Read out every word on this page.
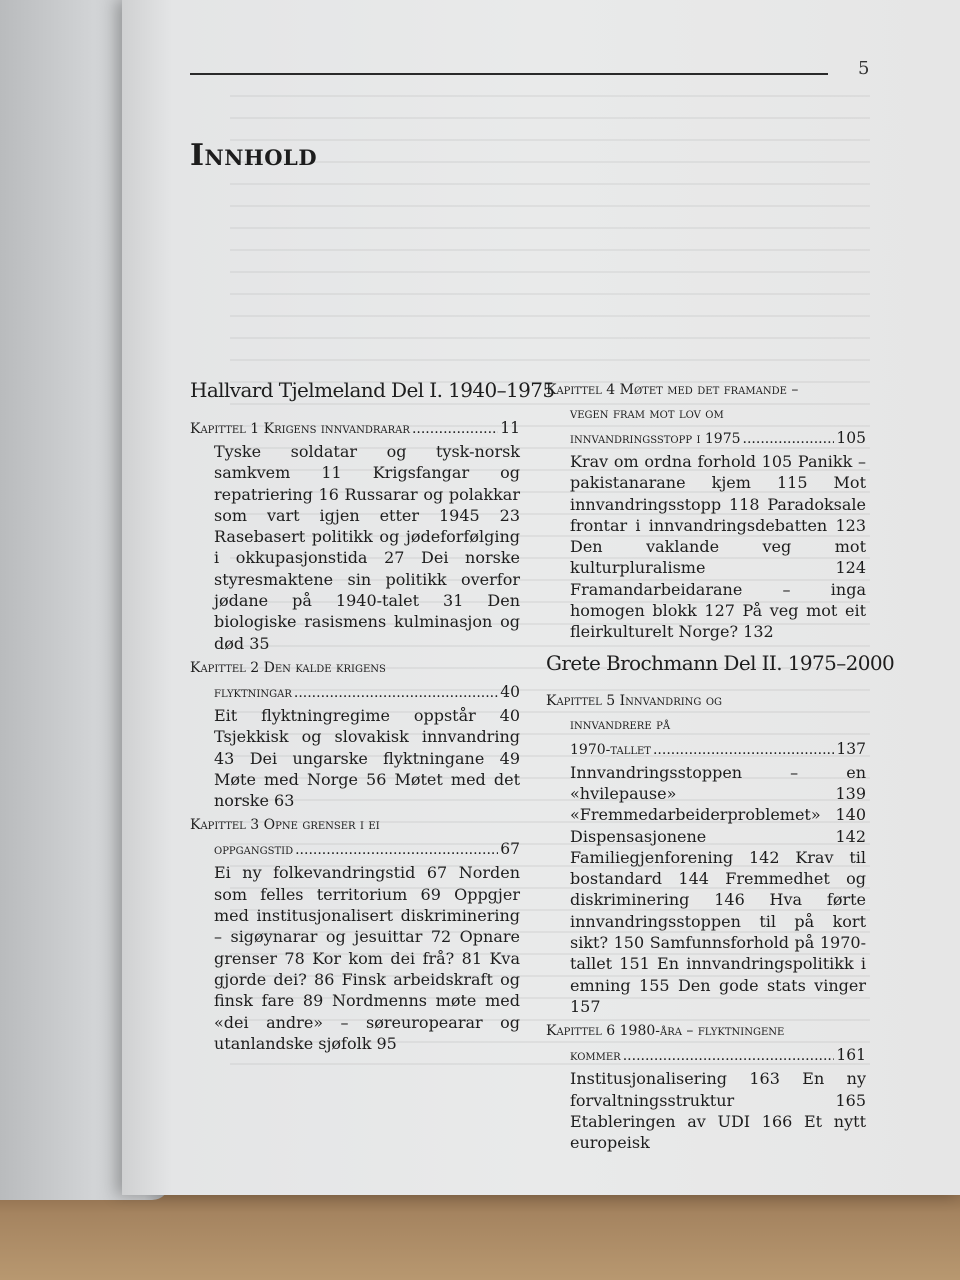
5
Innhold
Hallvard Tjelmeland Del I. 1940–1975
Kapittel 1 Krigens innvandrarar .....	11
Tyske soldatar og tysk-norsk samkvem 11 Krigsfangar og repatriering 16 Russarar og polakkar som vart igjen etter 1945 23 Rasebasert politikk og jødeforfølging i okkupasjonstida 27 Dei norske styresmaktene sin politikk overfor jødane på 1940-talet 31 Den biologiske rasismens kulminasjon og død 35
Kapittel 2 Den kalde krigens
flyktningar .....	40
Eit flyktningregime oppstår 40 Tsjekkisk og slovakisk innvandring 43 Dei ungarske flyktningane 49 Møte med Norge 56 Møtet med det norske 63
Kapittel 3 Opne grenser i ei
oppgangstid .....	67
Ei ny folkevandringstid 67 Norden som felles territorium 69 Oppgjer med institusjonalisert diskriminering – sigøynarar og jesuittar 72 Opnare grenser 78 Kor kom dei frå? 81 Kva gjorde dei? 86 Finsk arbeidskraft og finsk fare 89 Nordmenns møte med «dei andre» – søreuropearar og utanlandske sjøfolk 95
Kapittel 4 Møtet med det framande –
vegen fram mot lov om
innvandringsstopp i 1975 .....	105
Krav om ordna forhold 105 Panikk – pakistanarane kjem 115 Mot innvandringsstopp 118 Paradoksale frontar i innvandringsdebatten 123 Den vaklande veg mot kulturpluralisme 124 Framandarbeidarane – inga homogen blokk 127 På veg mot eit fleirkulturelt Norge? 132
Grete Brochmann Del II. 1975–2000
Kapittel 5 Innvandring og
innvandrere på
1970-tallet .....	137
Innvandringsstoppen – en «hvilepause» 139 «Fremmedarbeiderproblemet» 140 Dispensasjonene 142 Familiegjenforening 142 Krav til bostandard 144 Fremmedhet og diskriminering 146 Hva førte innvandringsstoppen til på kort sikt? 150 Samfunnsforhold på 1970-tallet 151 En innvandringspolitikk i emning 155 Den gode stats vinger 157
Kapittel 6 1980-åra – flyktningene
kommer .....	161
Institusjonalisering 163 En ny forvaltningsstruktur 165 Etableringen av UDI 166 Et nytt europeisk
